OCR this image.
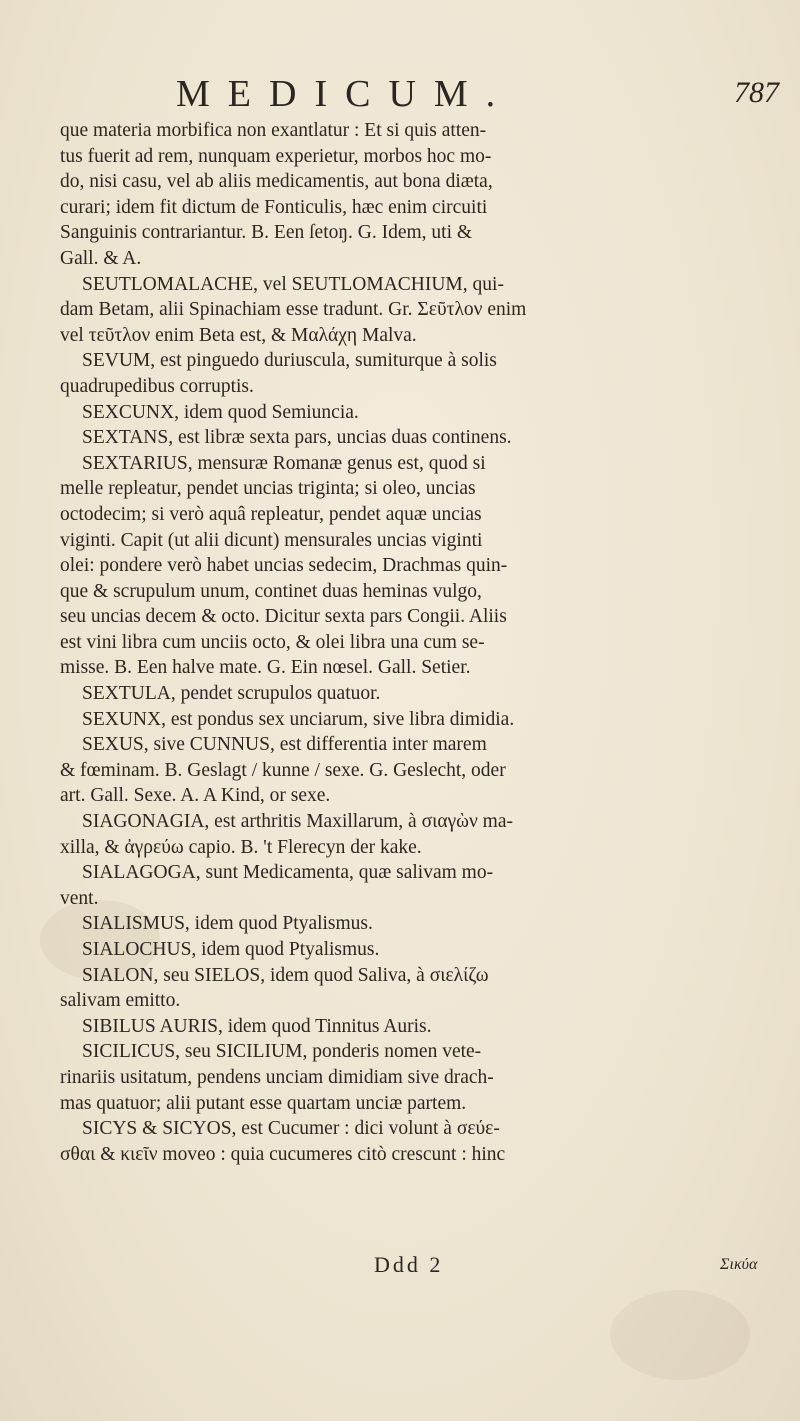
MEDICUM.	787

que materia morbifica non exantlatur : Et si quis atten-

tus fuerit ad rem, nunquam experietur, morbos hoc mo-

do, nisi casu, vel ab aliis medicamentis, aut bona diæta,

curari; idem fit dictum de Fonticulis, hæc enim circuiti

Sanguinis contrariantur. B. Een ſetoŋ. G. Idem, uti &

Gall. & A.

SEUTLOMALACHE, vel SEUTLOMACHIUM, qui-

dam Betam, alii Spinachiam esse tradunt. Gr. Σεῦτλον enim

vel τεῦτλον enim Beta est, & Μαλάχη Malva.

SEVUM, est pinguedo duriuscula, sumiturque à solis

quadrupedibus corruptis.

SEXCUNX, idem quod Semiuncia.

SEXTANS, est libræ sexta pars, uncias duas continens.

SEXTARIUS, mensuræ Romanæ genus est, quod si

melle repleatur, pendet uncias triginta; si oleo, uncias

octodecim; si verò aquâ repleatur, pendet aquæ uncias

viginti. Capit (ut alii dicunt) mensurales uncias viginti

olei: pondere verò habet uncias sedecim, Drachmas quin-

que & scrupulum unum, continet duas heminas vulgo,

seu uncias decem & octo. Dicitur sexta pars Congii. Aliis

est vini libra cum unciis octo, & olei libra una cum se-

misse. B. Een halve mate. G. Ein nœsel. Gall. Setier.

SEXTULA, pendet scrupulos quatuor.

SEXUNX, est pondus sex unciarum, sive libra dimidia.

SEXUS, sive CUNNUS, est differentia inter marem

& fœminam. B. Geslagt / kunne / sexe. G. Geslecht, oder

art. Gall. Sexe. A. A Kind, or sexe.

SIAGONAGIA, est arthritis Maxillarum, à σιαγὼν ma-

xilla, & ἀγρεύω capio. B. 't Flerecyn der kake.

SIALAGOGA, sunt Medicamenta, quæ salivam mo-

vent.

SIALISMUS, idem quod Ptyalismus.

SIALOCHUS, idem quod Ptyalismus.

SIALON, seu SIELOS, idem quod Saliva, à σιελίζω

salivam emitto.

SIBILUS AURIS, idem quod Tinnitus Auris.

SICILICUS, seu SICILIUM, ponderis nomen vete-

rinariis usitatum, pendens unciam dimidiam sive drach-

mas quatuor; alii putant esse quartam unciæ partem.

SICYS & SICYOS, est Cucumer : dici volunt à σεύε-

σθαι & κιεῖν moveo : quia cucumeres citò crescunt : hinc

Ddd 2	Σικύα
